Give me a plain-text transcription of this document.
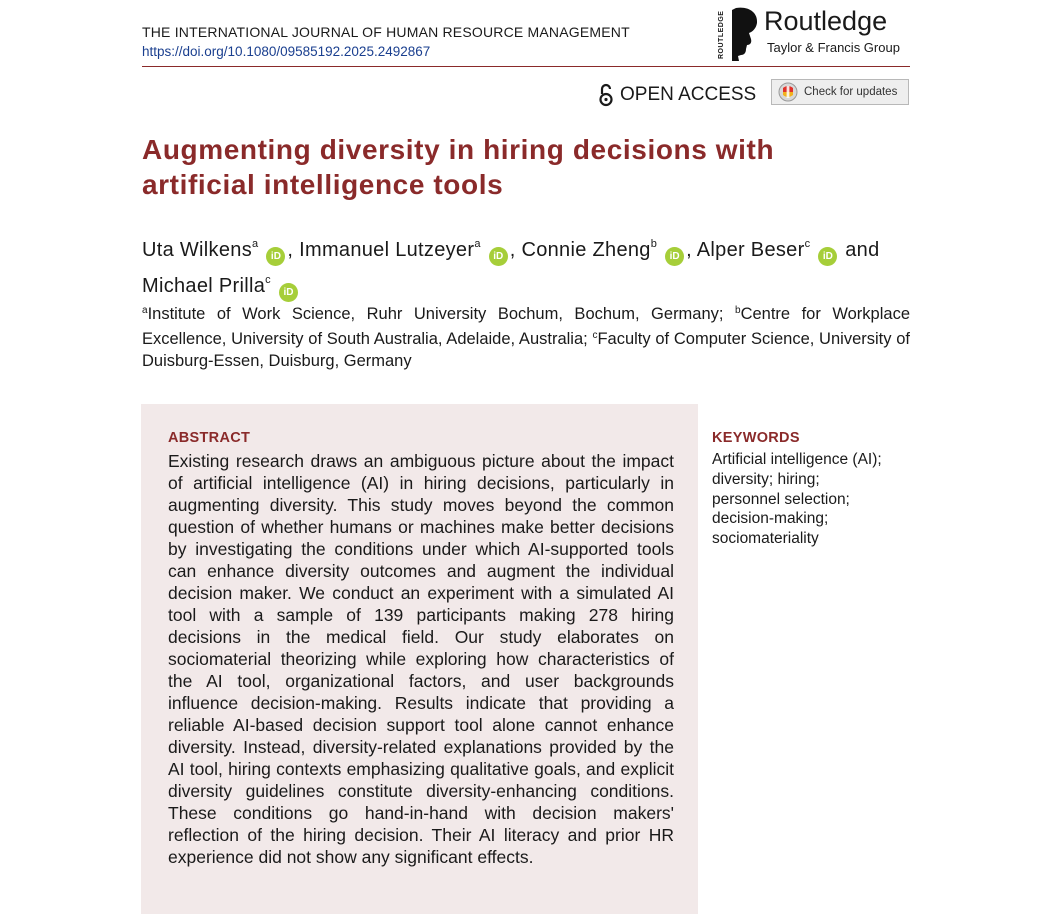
THE INTERNATIONAL JOURNAL OF HUMAN RESOURCE MANAGEMENT
https://doi.org/10.1080/09585192.2025.2492867	ROUTLEDGE Routledge
Taylor & Francis Group
OPEN ACCESS	Check for updates
Augmenting diversity in hiring decisions with artificial intelligence tools
Uta Wilkens$^a$iD , Immanuel Lutzeyer$^a$iD , Connie Zheng$^b$iD , Alper Beser$^c$iD and Michael Prilla$^c$iD
$^a$Institute of Work Science, Ruhr University Bochum, Bochum, Germany; $^b$Centre for Workplace Excellence, University of South Australia, Adelaide, Australia; $^c$Faculty of Computer Science, University of Duisburg-Essen, Duisburg, Germany
ABSTRACT

Existing research draws an ambiguous picture about the impact of artificial intelligence (AI) in hiring decisions, particularly in augmenting diversity. This study moves beyond the common question of whether humans or machines make better decisions by investigating the conditions under which AI-supported tools can enhance diversity outcomes and augment the individual decision maker. We conduct an experiment with a simulated AI tool with a sample of 139 participants making 278 hiring decisions in the medical field. Our study elaborates on sociomaterial theorizing while exploring how characteristics of the AI tool, organizational factors, and user backgrounds influence decision-making. Results indicate that providing a reliable AI-based decision support tool alone cannot enhance diversity. Instead, diversity-related explanations provided by the AI tool, hiring contexts emphasizing qualitative goals, and explicit diversity guidelines constitute diversity-enhancing conditions. These conditions go hand-in-hand with decision makers' reflection of the hiring decision. Their AI literacy and prior HR experience did not show any significant effects.

KEYWORDS
Artificial intelligence (AI);
diversity; hiring;
personnel selection;
decision-making;
sociomateriality
